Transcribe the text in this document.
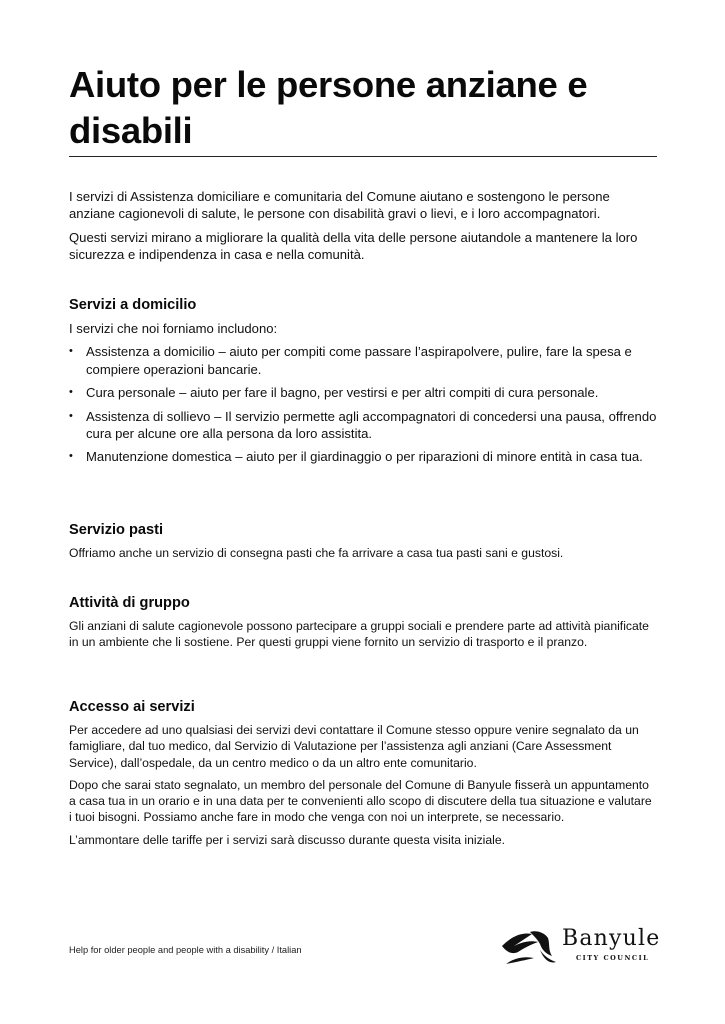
Aiuto per le persone anziane e disabili

I servizi di Assistenza domiciliare e comunitaria del Comune aiutano e sostengono le persone anziane cagionevoli di salute, le persone con disabilità gravi o lievi, e i loro accompagnatori.

Questi servizi mirano a migliorare la qualità della vita delle persone aiutandole a mantenere la loro sicurezza e indipendenza in casa e nella comunità.

Servizi a domicilio

I servizi che noi forniamo includono:

• Assistenza a domicilio – aiuto per compiti come passare l’aspirapolvere, pulire, fare la spesa e compiere operazioni bancarie.
• Cura personale – aiuto per fare il bagno, per vestirsi e per altri compiti di cura personale.
• Assistenza di sollievo – Il servizio permette agli accompagnatori di concedersi una pausa, offrendo cura per alcune ore alla persona da loro assistita.
• Manutenzione domestica – aiuto per il giardinaggio o per riparazioni di minore entità in casa tua.
Servizio pasti

Offriamo anche un servizio di consegna pasti che fa arrivare a casa tua pasti sani e gustosi.

Attività di gruppo

Gli anziani di salute cagionevole possono partecipare a gruppi sociali e prendere parte ad attività pianificate in un ambiente che li sostiene. Per questi gruppi viene fornito un servizio di trasporto e il pranzo.

Accesso ai servizi

Per accedere ad uno qualsiasi dei servizi devi contattare il Comune stesso oppure venire segnalato da un famigliare, dal tuo medico, dal Servizio di Valutazione per l’assistenza agli anziani (Care Assessment Service), dall’ospedale, da un centro medico o da un altro ente comunitario.

Dopo che sarai stato segnalato, un membro del personale del Comune di Banyule fisserà un appuntamento a casa tua in un orario e in una data per te convenienti allo scopo di discutere della tua situazione e valutare i tuoi bisogni. Possiamo anche fare in modo che venga con noi un interprete, se necessario.

L’ammontare delle tariffe per i servizi sarà discusso durante questa visita iniziale.

Help for older people and people with a disability / Italian	Banyule
CITY COUNCIL
